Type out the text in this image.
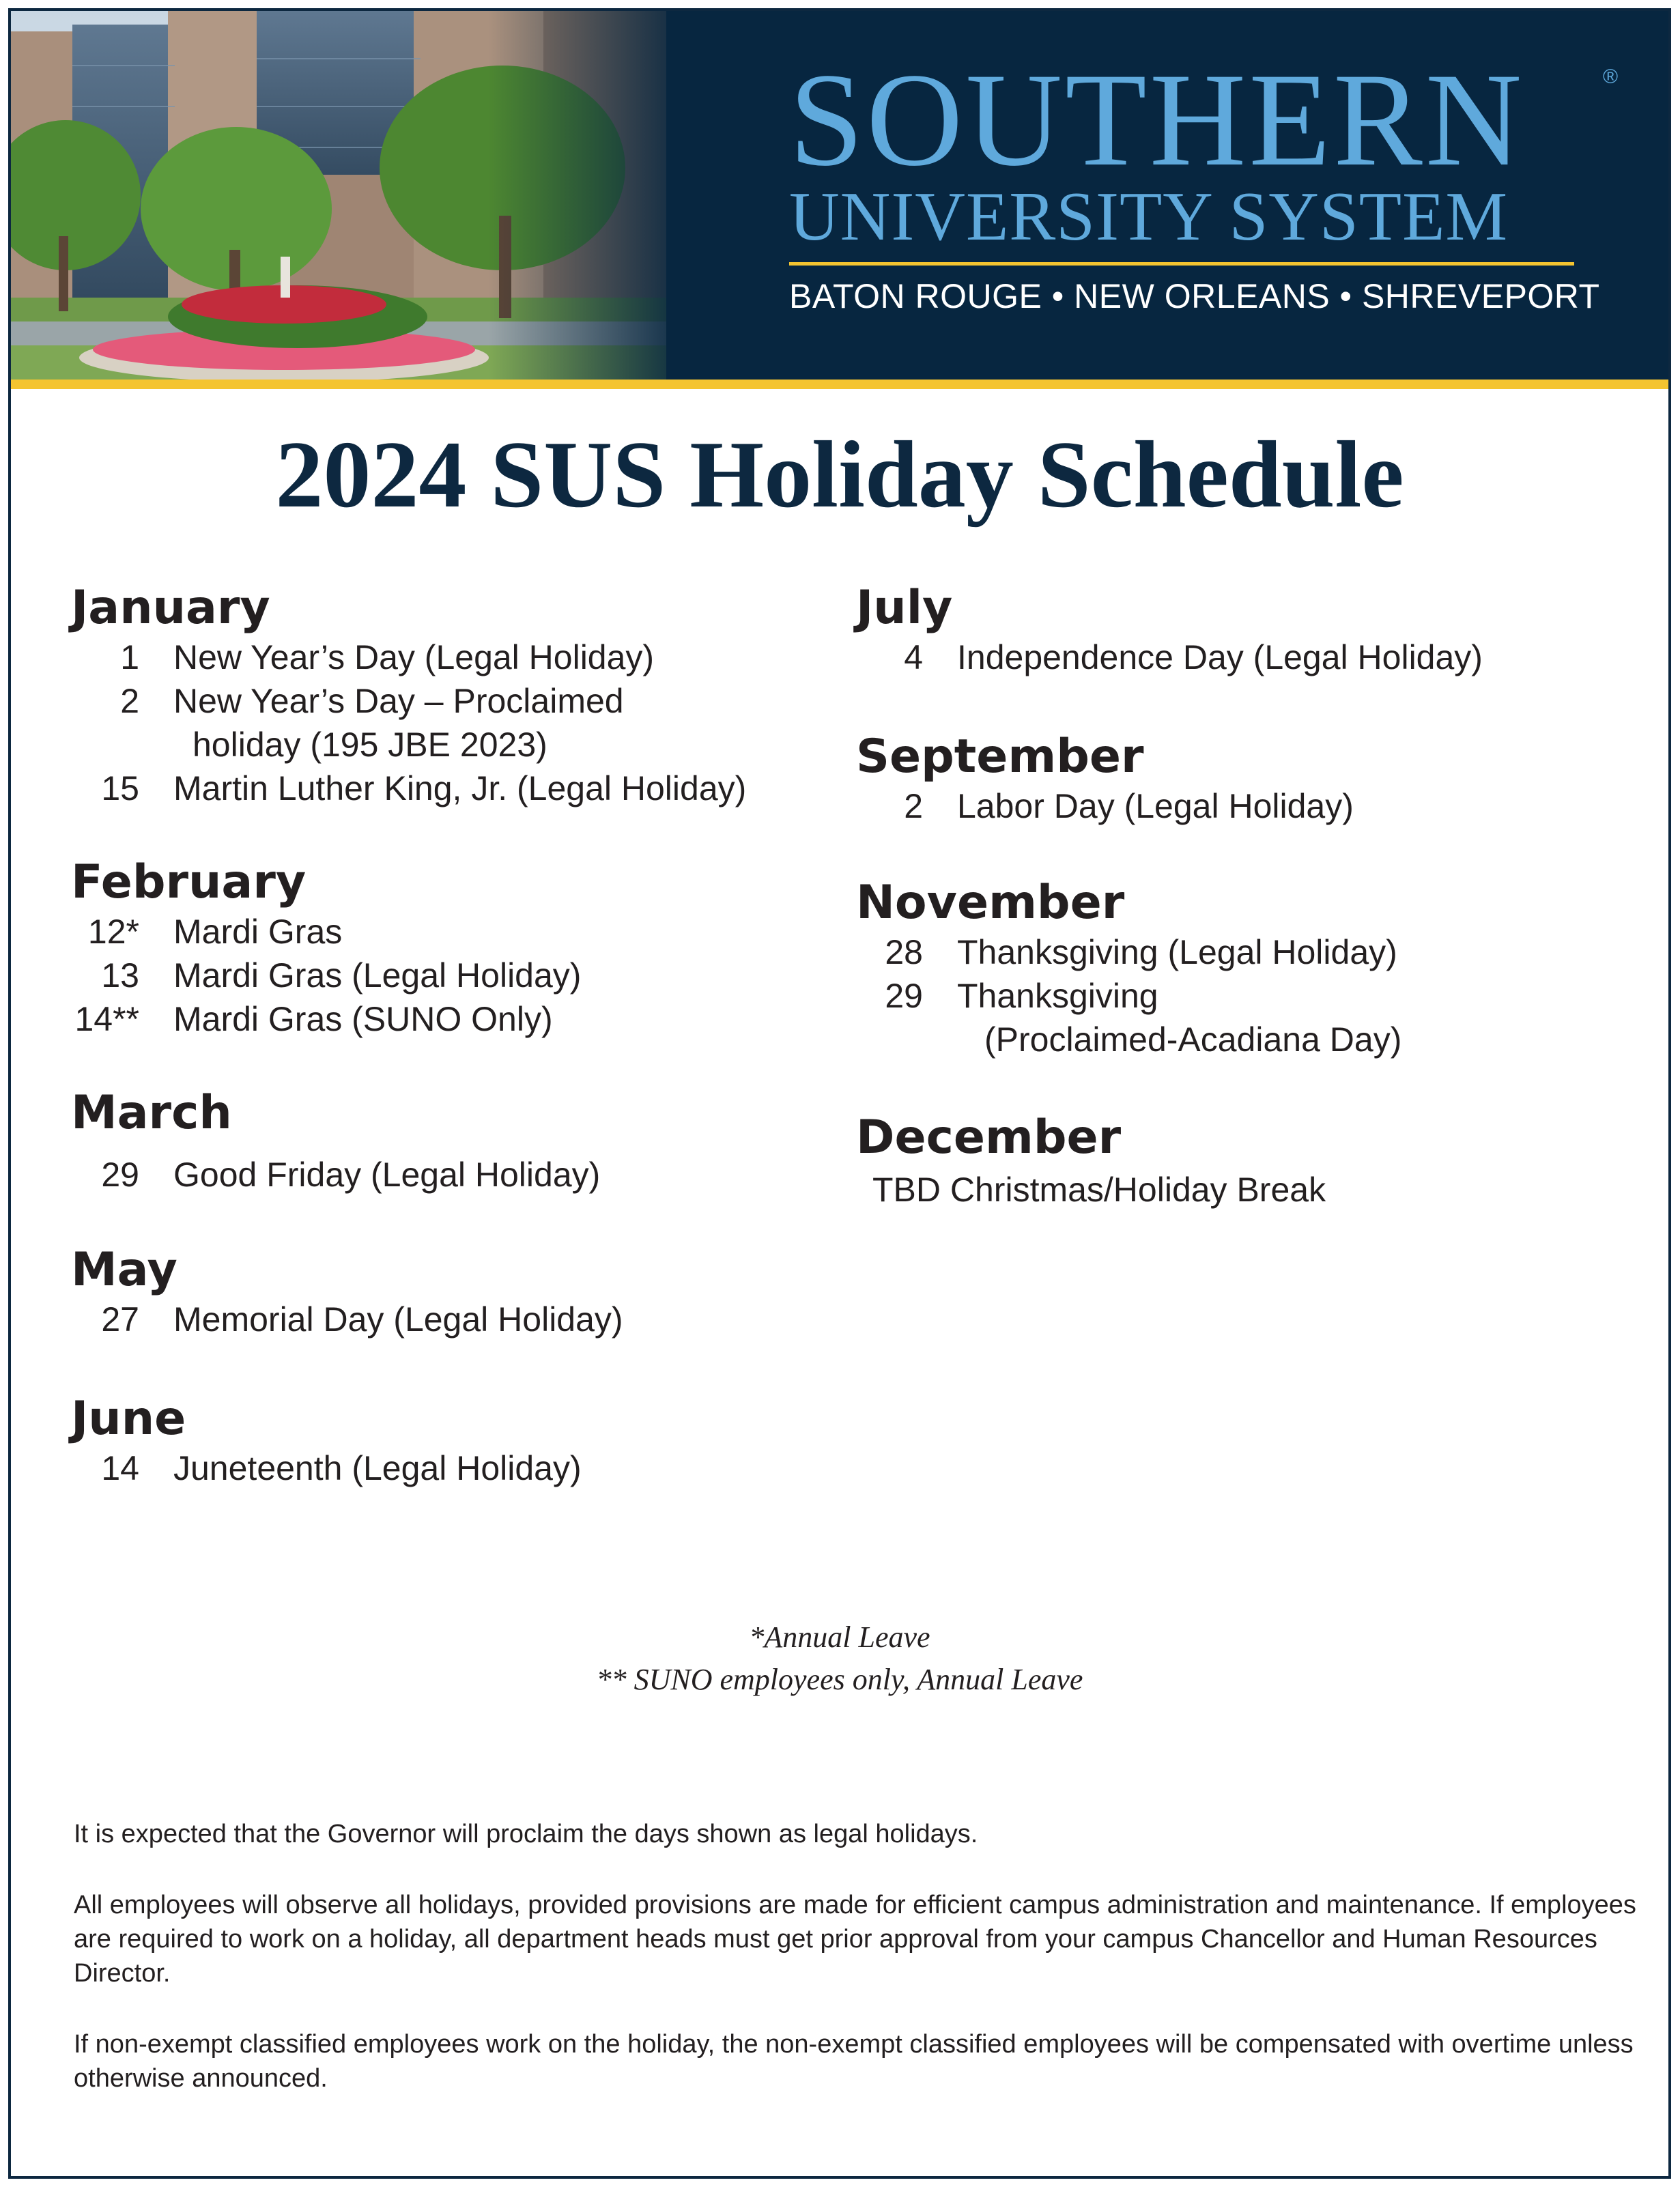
SOUTHERN	®

UNIVERSITY SYSTEM

BATON ROUGE • NEW ORLEANS • SHREVEPORT
2024 SUS Holiday Schedule
January
1	New Year’s Day (Legal Holiday)
2	New Year’s Day – Proclaimed
holiday (195 JBE 2023)
15	Martin Luther King, Jr. (Legal Holiday)
February
12*	Mardi Gras
13	Mardi Gras (Legal Holiday)
14**	Mardi Gras (SUNO Only)
March
29	Good Friday (Legal Holiday)
May
27	Memorial Day (Legal Holiday)
June
14	Juneteenth (Legal Holiday)
July
4	Independence Day (Legal Holiday)
September
2	Labor Day (Legal Holiday)
November
28	Thanksgiving (Legal Holiday)
29	Thanksgiving
(Proclaimed-Acadiana Day)
December
TBD Christmas/Holiday Break
*Annual Leave
** SUNO employees only, Annual Leave

It is expected that the Governor will proclaim the days shown as legal holidays.

All employees will observe all holidays, provided provisions are made for efficient campus administration and maintenance. If employees are required to work on a holiday, all department heads must get prior approval from your campus Chancellor and Human Resources Director.

If non-exempt classified employees work on the holiday, the non-exempt classified employees will be compensated with overtime unless otherwise announced.
